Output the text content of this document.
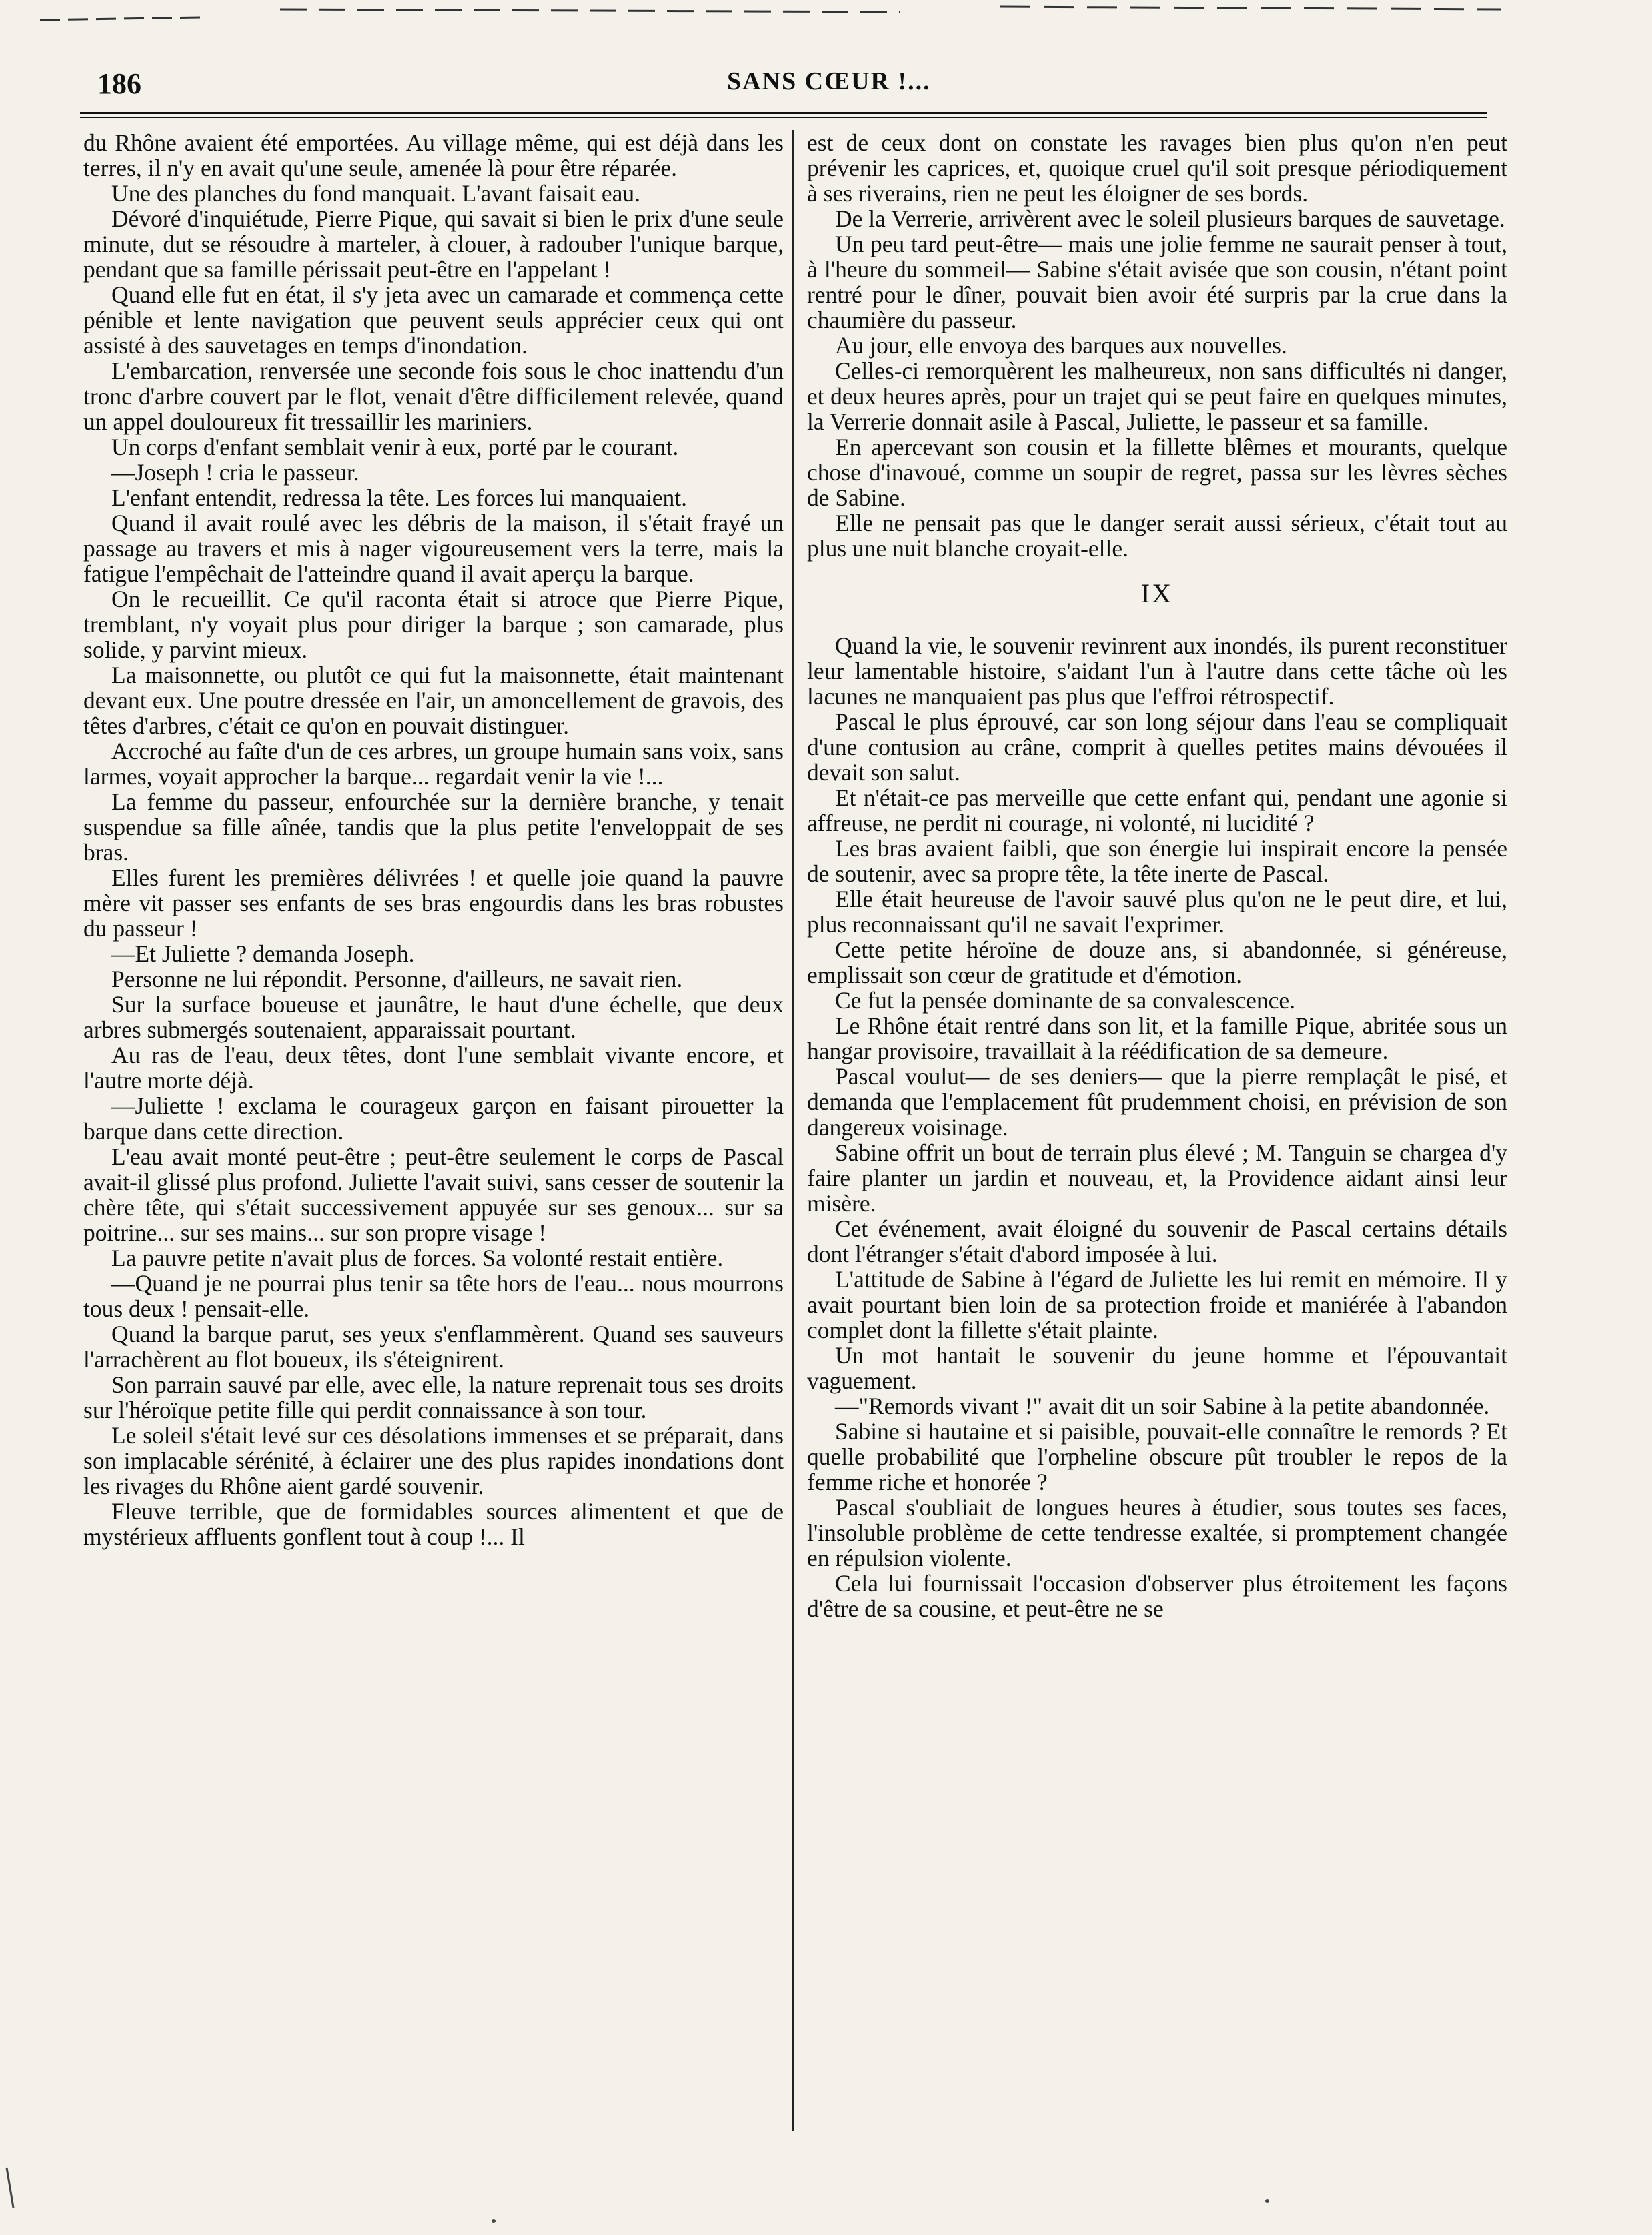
186	SANS CŒUR !...

du Rhône avaient été emportées. Au village même, qui est déjà dans les terres, il n'y en avait qu'une seule, amenée là pour être réparée.

Une des planches du fond manquait. L'avant faisait eau.

Dévoré d'inquiétude, Pierre Pique, qui savait si bien le prix d'une seule minute, dut se résoudre à marteler, à clouer, à radouber l'unique barque, pendant que sa famille périssait peut-être en l'appelant !

Quand elle fut en état, il s'y jeta avec un camarade et commença cette pénible et lente navigation que peuvent seuls apprécier ceux qui ont assisté à des sauvetages en temps d'inondation.

L'embarcation, renversée une seconde fois sous le choc inattendu d'un tronc d'arbre couvert par le flot, venait d'être difficilement relevée, quand un appel douloureux fit tressaillir les mariniers.

Un corps d'enfant semblait venir à eux, porté par le courant.

—Joseph ! cria le passeur.

L'enfant entendit, redressa la tête. Les forces lui manquaient.

Quand il avait roulé avec les débris de la maison, il s'était frayé un passage au travers et mis à nager vigoureusement vers la terre, mais la fatigue l'empêchait de l'atteindre quand il avait aperçu la barque.

On le recueillit. Ce qu'il raconta était si atroce que Pierre Pique, tremblant, n'y voyait plus pour diriger la barque ; son camarade, plus solide, y parvint mieux.

La maisonnette, ou plutôt ce qui fut la maisonnette, était maintenant devant eux. Une poutre dressée en l'air, un amoncellement de gravois, des têtes d'arbres, c'était ce qu'on en pouvait distinguer.

Accroché au faîte d'un de ces arbres, un groupe humain sans voix, sans larmes, voyait approcher la barque... regardait venir la vie !...

La femme du passeur, enfourchée sur la dernière branche, y tenait suspendue sa fille aînée, tandis que la plus petite l'enveloppait de ses bras.

Elles furent les premières délivrées ! et quelle joie quand la pauvre mère vit passer ses enfants de ses bras engourdis dans les bras robustes du passeur !

—Et Juliette ? demanda Joseph.

Personne ne lui répondit. Personne, d'ailleurs, ne savait rien.

Sur la surface boueuse et jaunâtre, le haut d'une échelle, que deux arbres submergés soutenaient, apparaissait pourtant.

Au ras de l'eau, deux têtes, dont l'une semblait vivante encore, et l'autre morte déjà.

—Juliette ! exclama le courageux garçon en faisant pirouetter la barque dans cette direction.

L'eau avait monté peut-être ; peut-être seulement le corps de Pascal avait-il glissé plus profond. Juliette l'avait suivi, sans cesser de soutenir la chère tête, qui s'était successivement appuyée sur ses genoux... sur sa poitrine... sur ses mains... sur son propre visage !

La pauvre petite n'avait plus de forces. Sa volonté restait entière.

—Quand je ne pourrai plus tenir sa tête hors de l'eau... nous mourrons tous deux ! pensait-elle.

Quand la barque parut, ses yeux s'enflammèrent. Quand ses sauveurs l'arrachèrent au flot boueux, ils s'éteignirent.

Son parrain sauvé par elle, avec elle, la nature reprenait tous ses droits sur l'héroïque petite fille qui perdit connaissance à son tour.

Le soleil s'était levé sur ces désolations immenses et se préparait, dans son implacable sérénité, à éclairer une des plus rapides inondations dont les rivages du Rhône aient gardé souvenir.

Fleuve terrible, que de formidables sources alimentent et que de mystérieux affluents gonflent tout à coup !... Il

est de ceux dont on constate les ravages bien plus qu'on n'en peut prévenir les caprices, et, quoique cruel qu'il soit presque périodiquement à ses riverains, rien ne peut les éloigner de ses bords.

De la Verrerie, arrivèrent avec le soleil plusieurs barques de sauvetage.

Un peu tard peut-être— mais une jolie femme ne saurait penser à tout, à l'heure du sommeil— Sabine s'était avisée que son cousin, n'étant point rentré pour le dîner, pouvait bien avoir été surpris par la crue dans la chaumière du passeur.

Au jour, elle envoya des barques aux nouvelles.

Celles-ci remorquèrent les malheureux, non sans difficultés ni danger, et deux heures après, pour un trajet qui se peut faire en quelques minutes, la Verrerie donnait asile à Pascal, Juliette, le passeur et sa famille.

En apercevant son cousin et la fillette blêmes et mourants, quelque chose d'inavoué, comme un soupir de regret, passa sur les lèvres sèches de Sabine.

Elle ne pensait pas que le danger serait aussi sérieux, c'était tout au plus une nuit blanche croyait-elle.

IX

Quand la vie, le souvenir revinrent aux inondés, ils purent reconstituer leur lamentable histoire, s'aidant l'un à l'autre dans cette tâche où les lacunes ne manquaient pas plus que l'effroi rétrospectif.

Pascal le plus éprouvé, car son long séjour dans l'eau se compliquait d'une contusion au crâne, comprit à quelles petites mains dévouées il devait son salut.

Et n'était-ce pas merveille que cette enfant qui, pendant une agonie si affreuse, ne perdit ni courage, ni volonté, ni lucidité ?

Les bras avaient faibli, que son énergie lui inspirait encore la pensée de soutenir, avec sa propre tête, la tête inerte de Pascal.

Elle était heureuse de l'avoir sauvé plus qu'on ne le peut dire, et lui, plus reconnaissant qu'il ne savait l'exprimer.

Cette petite héroïne de douze ans, si abandonnée, si généreuse, emplissait son cœur de gratitude et d'émotion.

Ce fut la pensée dominante de sa convalescence.

Le Rhône était rentré dans son lit, et la famille Pique, abritée sous un hangar provisoire, travaillait à la réédification de sa demeure.

Pascal voulut— de ses deniers— que la pierre remplaçât le pisé, et demanda que l'emplacement fût prudemment choisi, en prévision de son dangereux voisinage.

Sabine offrit un bout de terrain plus élevé ; M. Tanguin se chargea d'y faire planter un jardin et nouveau, et, la Providence aidant ainsi leur misère.

Cet événement, avait éloigné du souvenir de Pascal certains détails dont l'étranger s'était d'abord imposée à lui.

L'attitude de Sabine à l'égard de Juliette les lui remit en mémoire. Il y avait pourtant bien loin de sa protection froide et maniérée à l'abandon complet dont la fillette s'était plainte.

Un mot hantait le souvenir du jeune homme et l'épouvantait vaguement.

—"Remords vivant !" avait dit un soir Sabine à la petite abandonnée.

Sabine si hautaine et si paisible, pouvait-elle connaître le remords ? Et quelle probabilité que l'orpheline obscure pût troubler le repos de la femme riche et honorée ?

Pascal s'oubliait de longues heures à étudier, sous toutes ses faces, l'insoluble problème de cette tendresse exaltée, si promptement changée en répulsion violente.

Cela lui fournissait l'occasion d'observer plus étroitement les façons d'être de sa cousine, et peut-être ne se
